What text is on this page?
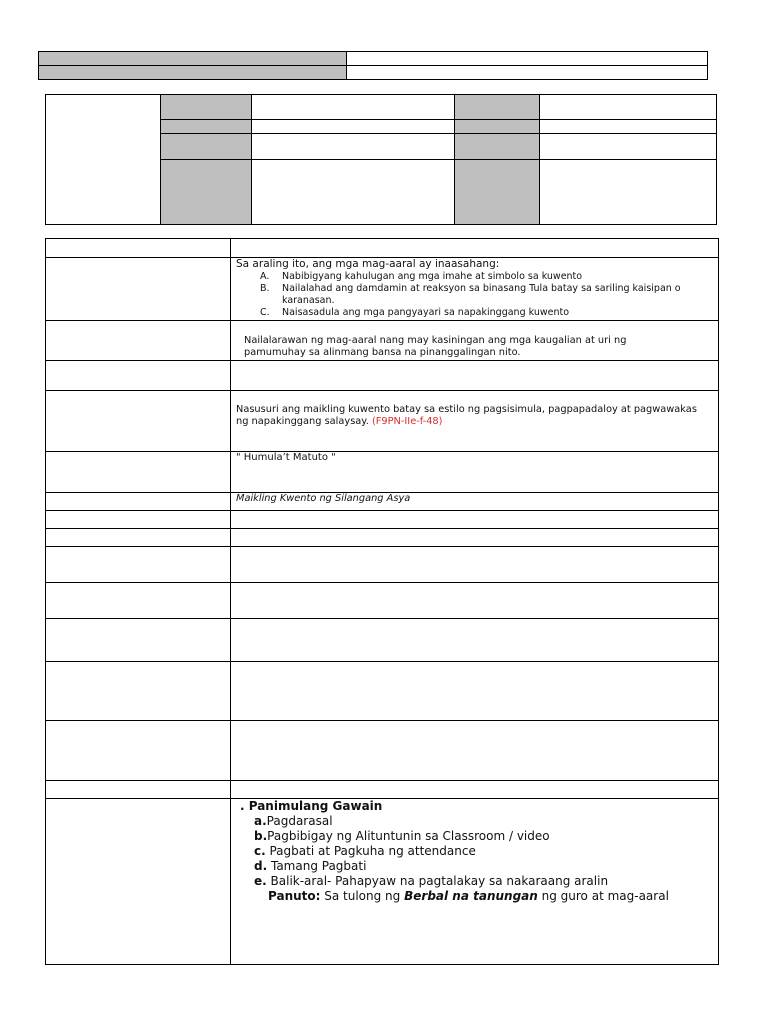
Sa araling ito, ang mga mag-aaral ay inaasahang:
A. Nabibigyang kahulugan ang mga imahe at simbolo sa kuwento
B. Nailalahad ang damdamin at reaksyon sa binasang Tula batay sa sariling kaisipan o
karanasan.
C. Naisasadula ang mga pangyayari sa napakinggang kuwento
Nailalarawan ng mag-aaral nang may kasiningan ang mga kaugalian at uri ng
pamumuhay sa alinmang bansa na pinanggalingan nito.
Nasusuri ang maikling kuwento batay sa estilo ng pagsisimula, pagpapadaloy at pagwawakas
ng napakinggang salaysay. (F9PN-IIe-f-48)
" Humula’t Matuto "
Maikling Kwento ng Silangang Asya
. Panimulang Gawain
a.Pagdarasal
b.Pagbibigay ng Alituntunin sa Classroom / video
c. Pagbati at Pagkuha ng attendance
d. Tamang Pagbati
e. Balik-aral- Pahapyaw na pagtalakay sa nakaraang aralin
Panuto: Sa tulong ng Berbal na tanungan ng guro at mag-aaral
